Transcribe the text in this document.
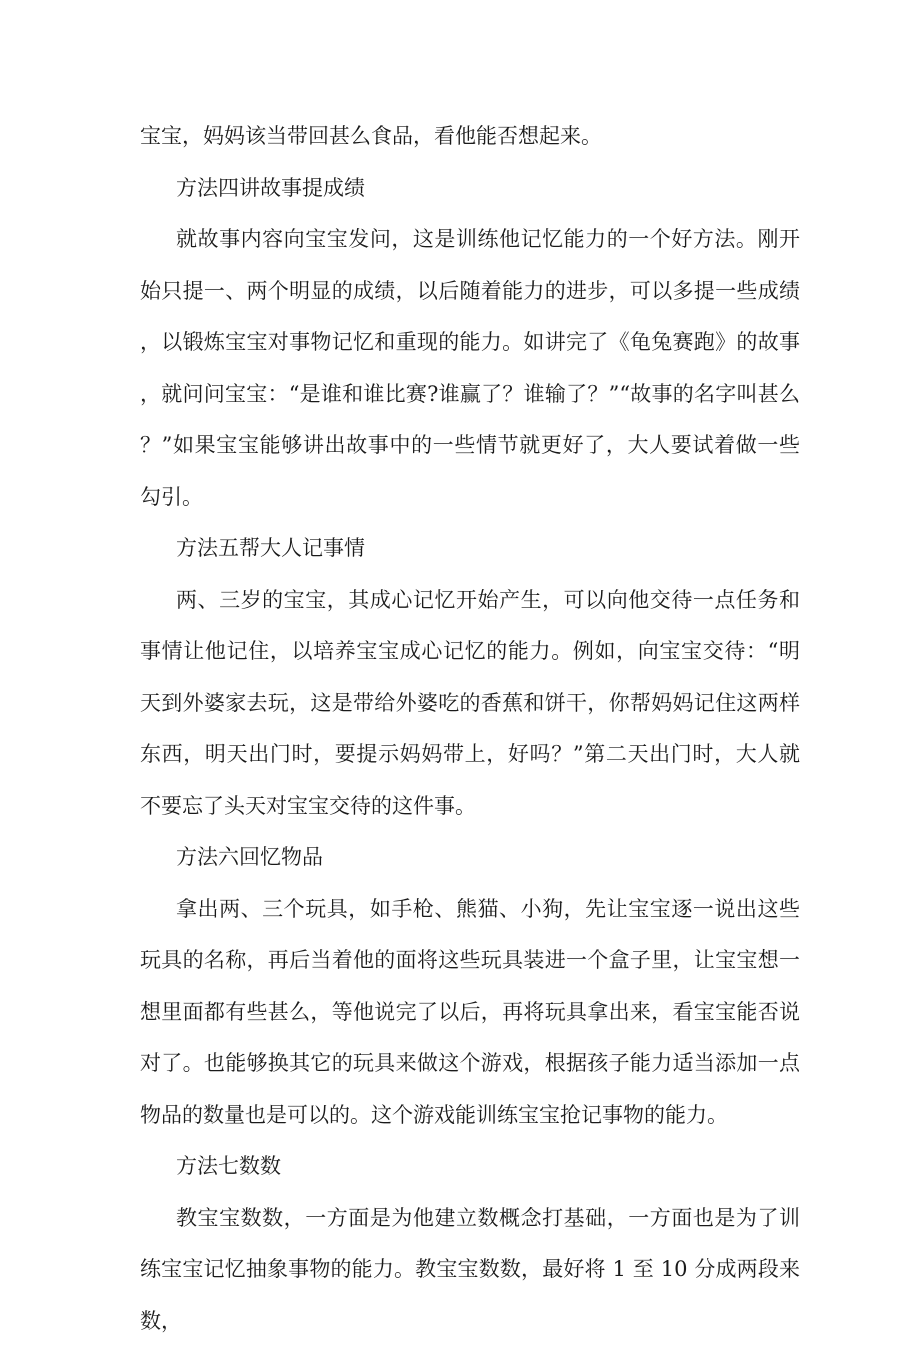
宝宝，妈妈该当带回甚么食品，看他能否想起来。

方法四讲故事提成绩

就故事内容向宝宝发问，这是训练他记忆能力的一个好方法。刚开始只提一、两个明显的成绩，以后随着能力的进步，可以多提一些成绩，以锻炼宝宝对事物记忆和重现的能力。如讲完了《龟兔赛跑》的故事，就问问宝宝：“是谁和谁比赛?谁赢了？谁输了？”“故事的名字叫甚么？”如果宝宝能够讲出故事中的一些情节就更好了，大人要试着做一些勾引。

方法五帮大人记事情

两、三岁的宝宝，其成心记忆开始产生，可以向他交待一点任务和事情让他记住，以培养宝宝成心记忆的能力。例如，向宝宝交待：“明天到外婆家去玩，这是带给外婆吃的香蕉和饼干，你帮妈妈记住这两样东西，明天出门时，要提示妈妈带上，好吗？”第二天出门时，大人就不要忘了头天对宝宝交待的这件事。

方法六回忆物品

拿出两、三个玩具，如手枪、熊猫、小狗，先让宝宝逐一说出这些玩具的名称，再后当着他的面将这些玩具装进一个盒子里，让宝宝想一想里面都有些甚么，等他说完了以后，再将玩具拿出来，看宝宝能否说对了。也能够换其它的玩具来做这个游戏，根据孩子能力适当添加一点物品的数量也是可以的。这个游戏能训练宝宝抢记事物的能力。

方法七数数

教宝宝数数，一方面是为他建立数概念打基础，一方面也是为了训练宝宝记忆抽象事物的能力。教宝宝数数，最好将 1 至 10 分成两段来数，
